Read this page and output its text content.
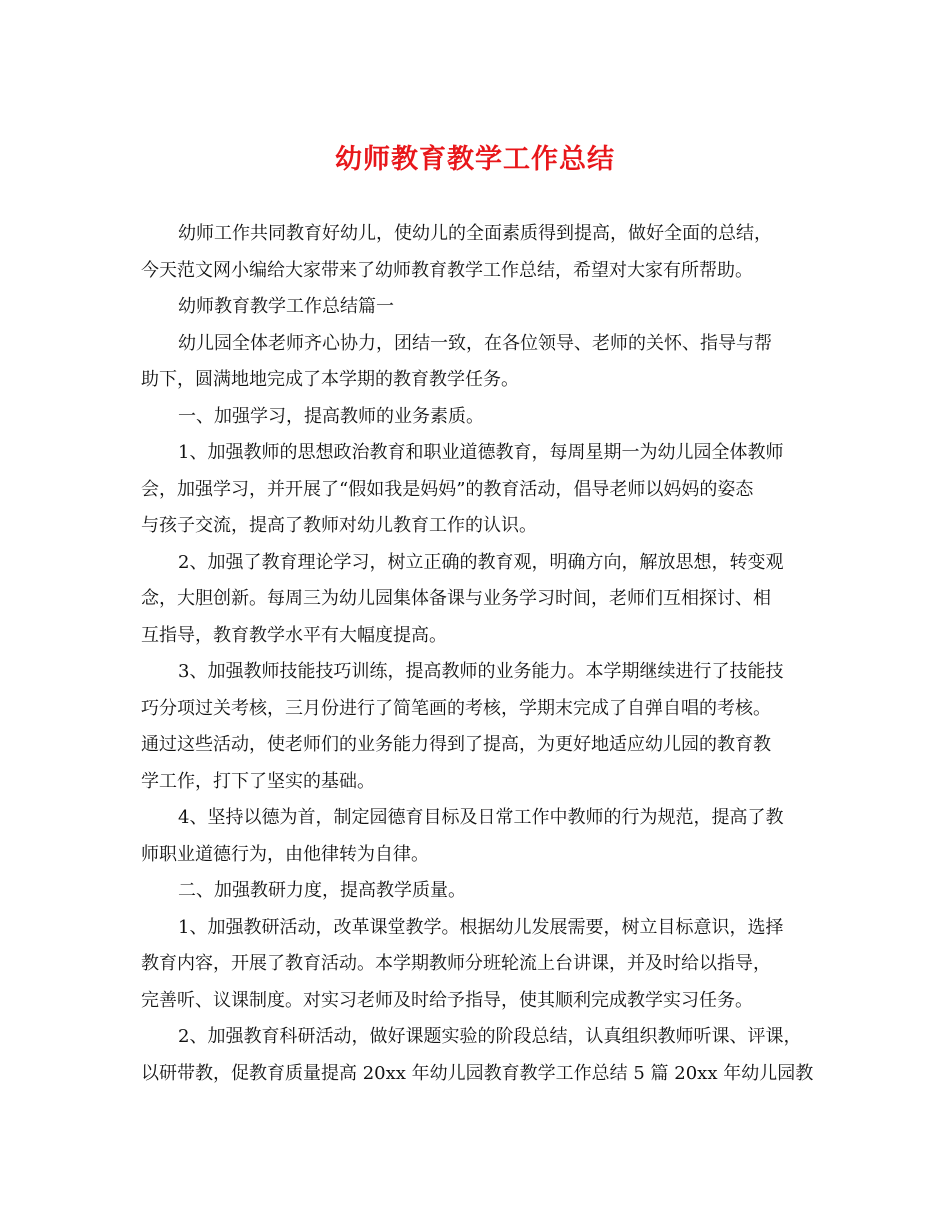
幼师教育教学工作总结
幼师工作共同教育好幼儿，使幼儿的全面素质得到提高，做好全面的总结，
今天范文网小编给大家带来了幼师教育教学工作总结，希望对大家有所帮助。
幼师教育教学工作总结篇一
幼儿园全体老师齐心协力，团结一致，在各位领导、老师的关怀、指导与帮
助下，圆满地地完成了本学期的教育教学任务。
一、加强学习，提高教师的业务素质。
1、加强教师的思想政治教育和职业道德教育，每周星期一为幼儿园全体教师
会，加强学习，并开展了“假如我是妈妈”的教育活动，倡导老师以妈妈的姿态
与孩子交流，提高了教师对幼儿教育工作的认识。
2、加强了教育理论学习，树立正确的教育观，明确方向，解放思想，转变观
念，大胆创新。每周三为幼儿园集体备课与业务学习时间，老师们互相探讨、相
互指导，教育教学水平有大幅度提高。
3、加强教师技能技巧训练，提高教师的业务能力。本学期继续进行了技能技
巧分项过关考核，三月份进行了简笔画的考核，学期末完成了自弹自唱的考核。
通过这些活动，使老师们的业务能力得到了提高，为更好地适应幼儿园的教育教
学工作，打下了坚实的基础。
4、坚持以德为首，制定园德育目标及日常工作中教师的行为规范，提高了教
师职业道德行为，由他律转为自律。
二、加强教研力度，提高教学质量。
1、加强教研活动，改革课堂教学。根据幼儿发展需要，树立目标意识，选择
教育内容，开展了教育活动。本学期教师分班轮流上台讲课，并及时给以指导，
完善听、议课制度。对实习老师及时给予指导，使其顺利完成教学实习任务。
2、加强教育科研活动，做好课题实验的阶段总结，认真组织教师听课、评课，
以研带教，促教育质量提高 20xx 年幼儿园教育教学工作总结 5 篇 20xx 年幼儿园教
